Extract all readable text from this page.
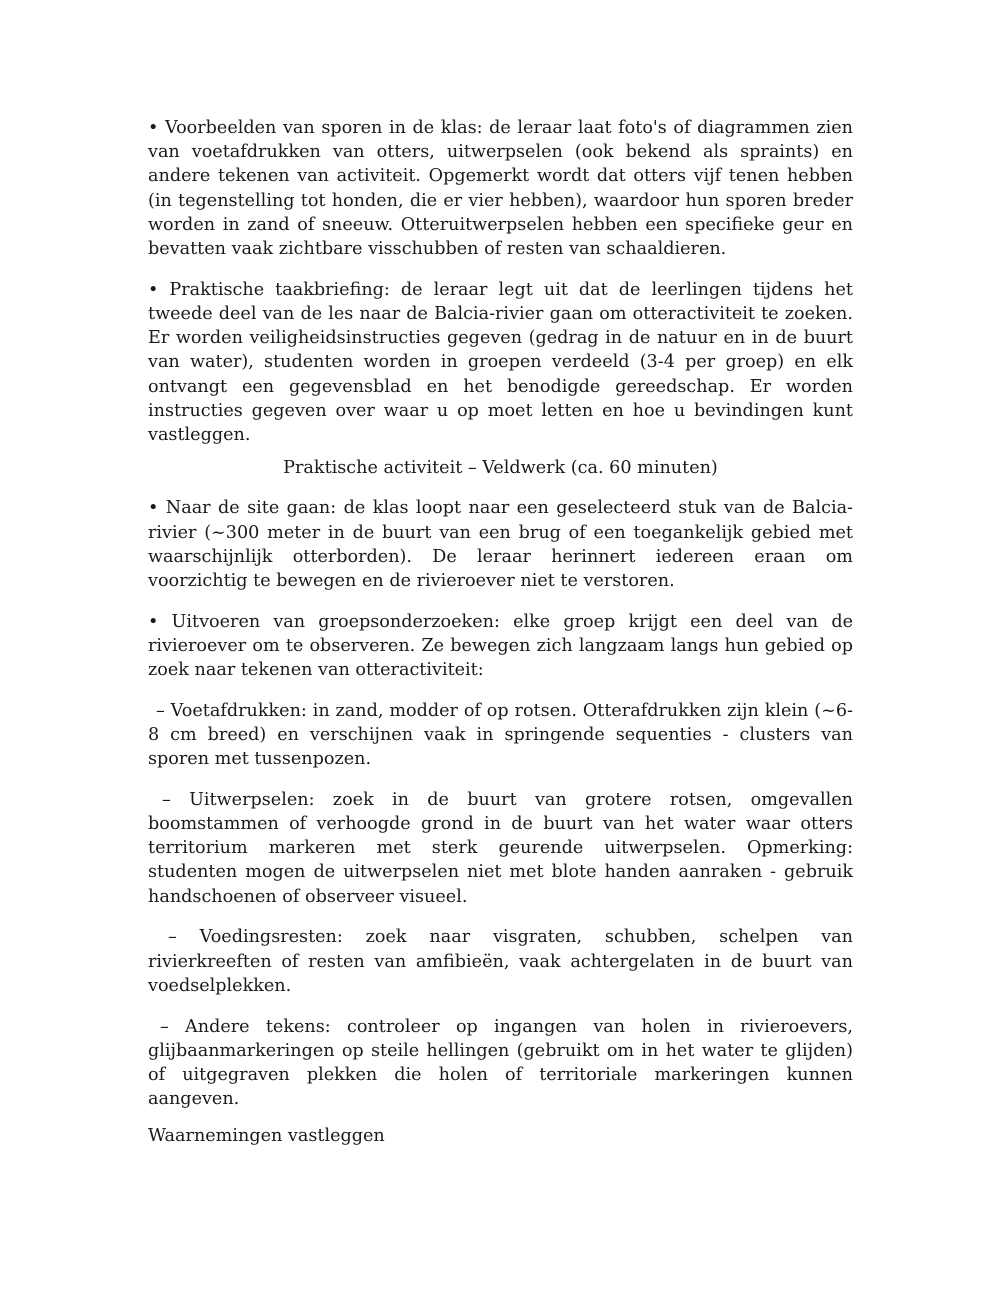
• Voorbeelden van sporen in de klas: de leraar laat foto's of diagrammen zien van voetafdrukken van otters, uitwerpselen (ook bekend als spraints) en andere tekenen van activiteit. Opgemerkt wordt dat otters vijf tenen hebben (in tegenstelling tot honden, die er vier hebben), waardoor hun sporen breder worden in zand of sneeuw. Otteruitwerpselen hebben een specifieke geur en bevatten vaak zichtbare visschubben of resten van schaaldieren.

• Praktische taakbriefing: de leraar legt uit dat de leerlingen tijdens het tweede deel van de les naar de Balcia-rivier gaan om otteractiviteit te zoeken. Er worden veiligheidsinstructies gegeven (gedrag in de natuur en in de buurt van water), studenten worden in groepen verdeeld (3-4 per groep) en elk ontvangt een gegevensblad en het benodigde gereedschap. Er worden instructies gegeven over waar u op moet letten en hoe u bevindingen kunt vastleggen.

Praktische activiteit – Veldwerk (ca. 60 minuten)

• Naar de site gaan: de klas loopt naar een geselecteerd stuk van de Balcia-rivier (~300 meter in de buurt van een brug of een toegankelijk gebied met waarschijnlijk otterborden). De leraar herinnert iedereen eraan om voorzichtig te bewegen en de rivieroever niet te verstoren.

• Uitvoeren van groepsonderzoeken: elke groep krijgt een deel van de rivieroever om te observeren. Ze bewegen zich langzaam langs hun gebied op zoek naar tekenen van otteractiviteit:

– Voetafdrukken: in zand, modder of op rotsen. Otterafdrukken zijn klein (~6-8 cm breed) en verschijnen vaak in springende sequenties - clusters van sporen met tussenpozen.

– Uitwerpselen: zoek in de buurt van grotere rotsen, omgevallen boomstammen of verhoogde grond in de buurt van het water waar otters territorium markeren met sterk geurende uitwerpselen. Opmerking: studenten mogen de uitwerpselen niet met blote handen aanraken - gebruik handschoenen of observeer visueel.

– Voedingsresten: zoek naar visgraten, schubben, schelpen van rivierkreeften of resten van amfibieën, vaak achtergelaten in de buurt van voedselplekken.

– Andere tekens: controleer op ingangen van holen in rivieroevers, glijbaanmarkeringen op steile hellingen (gebruikt om in het water te glijden) of uitgegraven plekken die holen of territoriale markeringen kunnen aangeven.

Waarnemingen vastleggen
